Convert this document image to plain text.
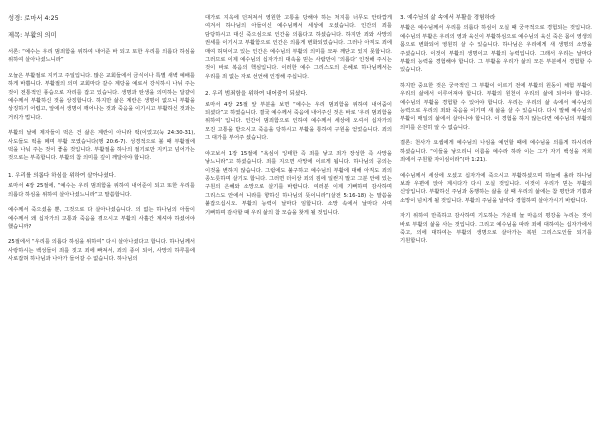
성경: 로마서 4:25

제목: 부활의 의미

서론: “예수는 우리 범죄함을 위하여 내어준 바 되고 또한 우리를 의롭다 하심을 위하여 살아나셨느니라”

오늘은 부활절로 지키고 주일입니다. 많은 교회들에서 금식이나 특별 새벽 예배를 하게 바쁩니다. 부활절의 의미 교회마다 갈수 계당을 예로서 강식하시 나뉘 주는 것이 전통적인 풍습으로 자리를 잡고 있습니다. 생명과 탄생을 의미하는 달걀이 예수께서 부활하신 것을 상징합니다. 하지만 삶은 계란은 생명이 없으니 부활을 상징하기 어렵고, 앞에서 생명이 깨어나는 것과 죽음을 이기시고 부활하신 것과는 거리가 멉니다.

부활의 날에 제자들이 떡은 건 삶은 계란이 아니라 떡(이었고(눅 24:30-31), 사도들도 떡을 떼며 부활 모였습니다(행 20:6-7). 성경적으로 볼 때 부활절에 떡을 나눠 주는 것이 좋을 것입니다. 부활절을 하나의 절기로만 지키고 넘어가는 것으로는 부족합니다. 부활의 참 의미를 깊이 깨달아야 합니다.

1. 우리를 의롭다 하심을 위하여 살아나셨다.

로마서 4장 25절에, “예수는 우리 범죄함을 위하여 내어준이 되고 또한 우리를 의롭다 하심을 위하여 살아나셨느니라”고 말씀합니다.

예수께서 죽으셨을 뿐, 그것으로 다 살아나셨습니다. 의 없는 하나님의 아들이 예수께서 왜 십자가의 고통과 죽음을 겪으시고 부활의 사흘간 계셔야 하셨어야 했습니까?

25절에서 “우리를 의롭다 하심을 위하여” 다시 살아나셨다고 합니다. 하나님께서 사랑하시는 백성들이 죄를 짓고 죄에 빠져서, 죄의 종이 되어, 사망의 하루를에 사로잡혀 하나님과 나아가 들어갈 수 없습니다. 하나님의

대가로 지옥에 던져져서 영원한 고통을 당해야 하는 처지를 너무도 안타깝게 여겨서 하나님의 아들이신 예수님께서 세상에 오셨습니다. 인간의 죄를 담당하시고 대신 죽으심으로 인간을 의롭다고 하셨습니다. 하지만 죄와 사망의 권세를 이기시고 부활함으로 인간은 의롭게 변화되었습니다. 그러나 아직도 죄에 매여 허덕이고 있는 인간은 예수님의 부활의 의미를 모두 깨닫고 있지 못합니다. 그러므로 이제 예수님의 십자가의 대속을 믿는 사람만이 ‘의롭다’ 인정해 주시는 것이 바로 복음의 핵심입니다. 이러한 예수 그리스도의 은혜로 하나님께서는 우리를 죄 없는 자로 선언해 인정해 주십니다.

2. 우리 범죄함을 위하여 내어줌이 되셨다.

로마서 4장 25절 앞 부분을 보면 “예수는 우리 범죄함을 위하여 내어줌이 되셨다”고 하였습니다. 결국 예수께서 죽음에 내어주신 것은 바로 ‘우리 범죄함을 위하여’ 입니다. 인간이 범죄함으로 인하여 예수께서 세상에 오셔서 십자가의 모진 고통을 받으시고 죽음을 당하시고 부활을 통하여 구원을 얻었습니다. 죄의 그 대가를 부어주 셨습니다.

야고보서 1장 15절에 “욕심이 잉태한 즉 죄를 낳고 죄가 장성한 즉 사망을 낳느니라”고 하셨습니다. 죄를 지으면 사망에 이르게 됩니다. 하나님의 공의는 이것을 변하지 않습니다. 그럼에도 불구하고 예수님의 부활에 대해 아직도 죄의 종노릇하며 살기도 합니다. 그러면 더이상 죄의 짐에 일컫지 말고 그분 안에 있는 구원의 은혜와 소망으로 살기를 바랍니다. 여러분 이제 기뻐하며 감사하며 그리스도 안에서 니라를 향하신 하나님의 뜻이니라”(살전 5:16-18) 는 말씀을 붙잡으십시오. 부활의 능력이 날마다 임합니다. 소망 속에서 날마다 사며 기뻐하며 감사할 때 우리 삶의 참 모습을 찾게 될 것입니다.

3. 예수님의 삶 속에서 부활을 경험하라

부활은 예수님께서 우리를 의롭다 하심이 오실 때 궁극적으로 경험되는 것입니다. 예수님의 부활은 우리의 영과 육신이 부활하심으로 예수님의 육신 죽은 몸이 영생의 몸으로 변화되어 영원히 살 수 있습니다. 하나님은 우리에게 새 생명의 소망을 주셨습니다. 이것이 부활의 생명이고 부활의 능력입니다. 그래서 우리는 날마다 부활의 능력을 경험해야 합니다. 그 부활을 우리가 삶의 모든 부분에서 경험할 수 있습니다.

하지만 중요한 것은 궁극적인 그 부활이 이르기 전에 부활의 원동이 체험 부활이 우리의 삶에서 이루어져야 합니다. 부활의 원천이 우리의 삶에 되어야 합니다. 예수님의 부활을 경험할 수 있어야 합니다. 우리는 우리의 삶 속에서 예수님의 능력으로 우리의 죄와 죽음을 이기며 새 삶을 살 수 있습니다. 다시 말해 예수님의 부활이 매일의 삶에서 살아나야 합니다. 이 경험을 하지 않는다면 예수님의 부활의 의미를 온전히 알 수 없습니다.

결론: 천사가 요셉에게 예수님의 나심을 예언할 때에 예수님을 의롭게 하시리라 하셨습니다. “이들을 낳으리니 이름을 예수라 하라 이는 그가 자기 백성을 저희 죄에서 구원할 자이심이라”(마 1:21).

예수님께서 세상에 오셨고 십자가에 죽으시고 부활하셨으며 하늘에 올라 하나님 보좌 우편에 앉아 계시다가 다시 오실 것입니다. 이것이 우리가 믿는 부활의 신앙입니다. 부활하신 주님과 동행하는 삶을 살 때 우리의 삶에는 참 평안과 기쁨과 소망이 넘치게 될 것입니다. 부활의 주님을 날마다 경험하며 살아가시기 바랍니다.

자기 위하여 만족하고 감사하며 기도하는 가운데 늘 마음의 평강을 누리는 것이 바로 부활의 삶을 사는 것입니다. 그리고 예수님을 따라 죄에 대하여는 십자가에서 죽고, 의에 대하여는 부활의 생명으로 살아가는 복된 그리스도인들 되기를 기원합니다.
